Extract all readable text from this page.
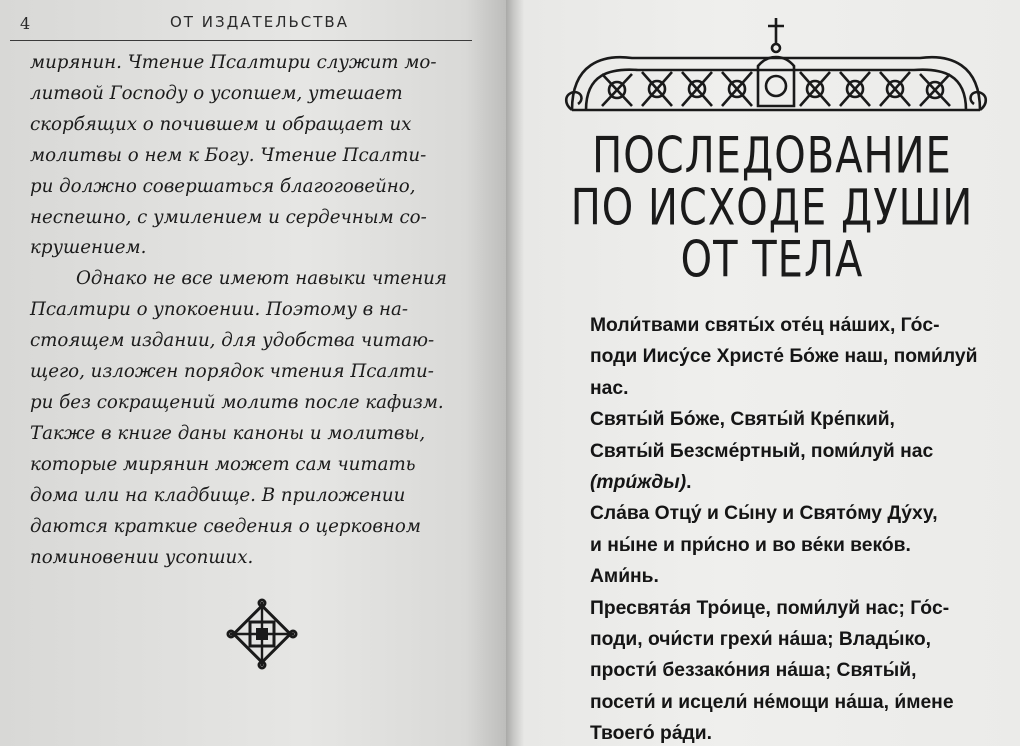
4	ОТ ИЗДАТЕЛЬСТВА

мирянин. Чтение Псалтири служит мо-
литвой Господу о усопшем, утешает
скорбящих о почившем и обращает их
молитвы о нем к Богу. Чтение Псалти-
ри должно совершаться благоговейно,
неспешно, с умилением и сердечным со-
крушением.

Однако не все имеют навыки чтения
Псалтири о упокоении. Поэтому в на-
стоящем издании, для удобства читаю-
щего, изложен порядок чтения Псалти-
ри без сокращений молитв после кафизм.
Также в книге даны каноны и молитвы,
которые мирянин может сам читать
дома или на кладбище. В приложении
даются краткие сведения о церковном
поминовении усопших.

ПОСЛЕДОВАНИЕ
ПО ИСХОДЕ ДУШИ
ОТ ТЕЛА

Моли́твами святы́х оте́ц на́ших, Го́с-
поди Иису́се Христе́ Бо́же наш, поми́луй
нас.

Святы́й Бо́же, Святы́й Кре́пкий,
Святы́й Безсме́ртный, поми́луй нас
(три́жды).

Сла́ва Отцу́ и Сы́ну и Свято́му Ду́ху,
и ны́не и при́сно и во ве́ки веко́в.
Ами́нь.

Пресвята́я Тро́ице, поми́луй нас; Го́с-
поди, очи́сти грехи́ на́ша; Влады́ко,
прости́ беззако́ния на́ша; Святы́й,
посети́ и исцели́ не́мощи на́ша, и́мене
Твоего́ ра́ди.
